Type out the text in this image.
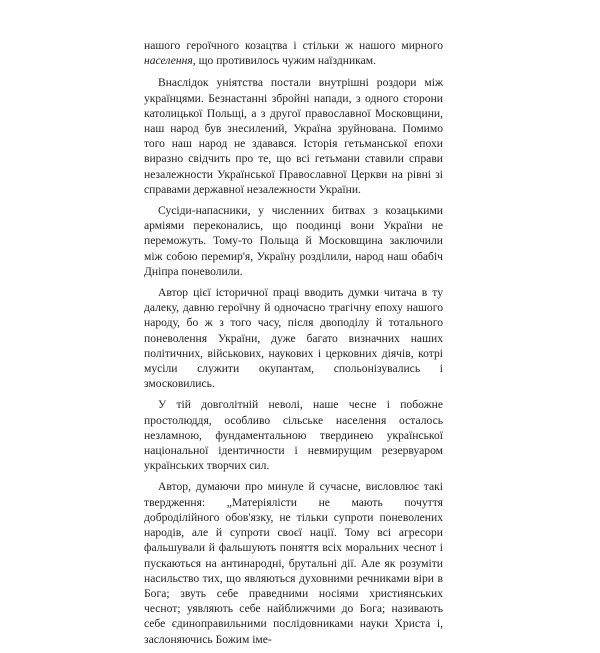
нашого героїчного козацтва і стільки ж нашого мирного населення, що противилось чужим наїздникам.

Внаслідок уніятства постали внутрішні роздори між українцями. Безнастанні збройні напади, з одного сторони католицької Польщі, а з другої православної Московщини, наш народ був знесилений, Україна зруйнована. Помимо того наш народ не здавався. Історія гетьманської епохи виразно свідчить про те, що всі гетьмани ставили справи незалежности Української Православної Церкви на рівні зі справами державної незалежности України.

Сусіди-напасники, у численних битвах з козацькими арміями переконались, що поодинці вони України не переможуть. Тому-то Польща й Московщина заключили між собою перемир'я, Україну розділили, народ наш обабіч Дніпра поневолили.

Автор цієї історичної праці вводить думки читача в ту далеку, давню героїчну й одночасно трагічну епоху нашого народу, бо ж з того часу, після двоподілу й тотального поневолення України, дуже багато визначних наших політичних, військових, наукових і церковних діячів, котрі мусіли служити окупантам, спольонізувались і змосковились.

У тій довголітній неволі, наше чесне і побожне простолюддя, особливо сільське населення осталось незламною, фундаментальною твердинею української національної ідентичности і невмирущим резервуаром українських творчих сил.

Автор, думаючи про минуле й сучасне, висловлює такі твердження: „Матеріялісти не мають почуття доброділійного обов'язку, не тільки супроти поневолених народів, але й супроти своєї нації. Тому всі агресори фальшували й фальшують поняття всіх моральних чеснот і пускаються на антинародні, брутальні дії. Але як розуміти насильство тих, що являються духовними речниками віри в Бога; звуть себе праведними носіями християнських чеснот; уявляють себе найближчими до Бога; називають себе єдиноправильними послідовниками науки Христа і, заслоняючись Божим іме-
